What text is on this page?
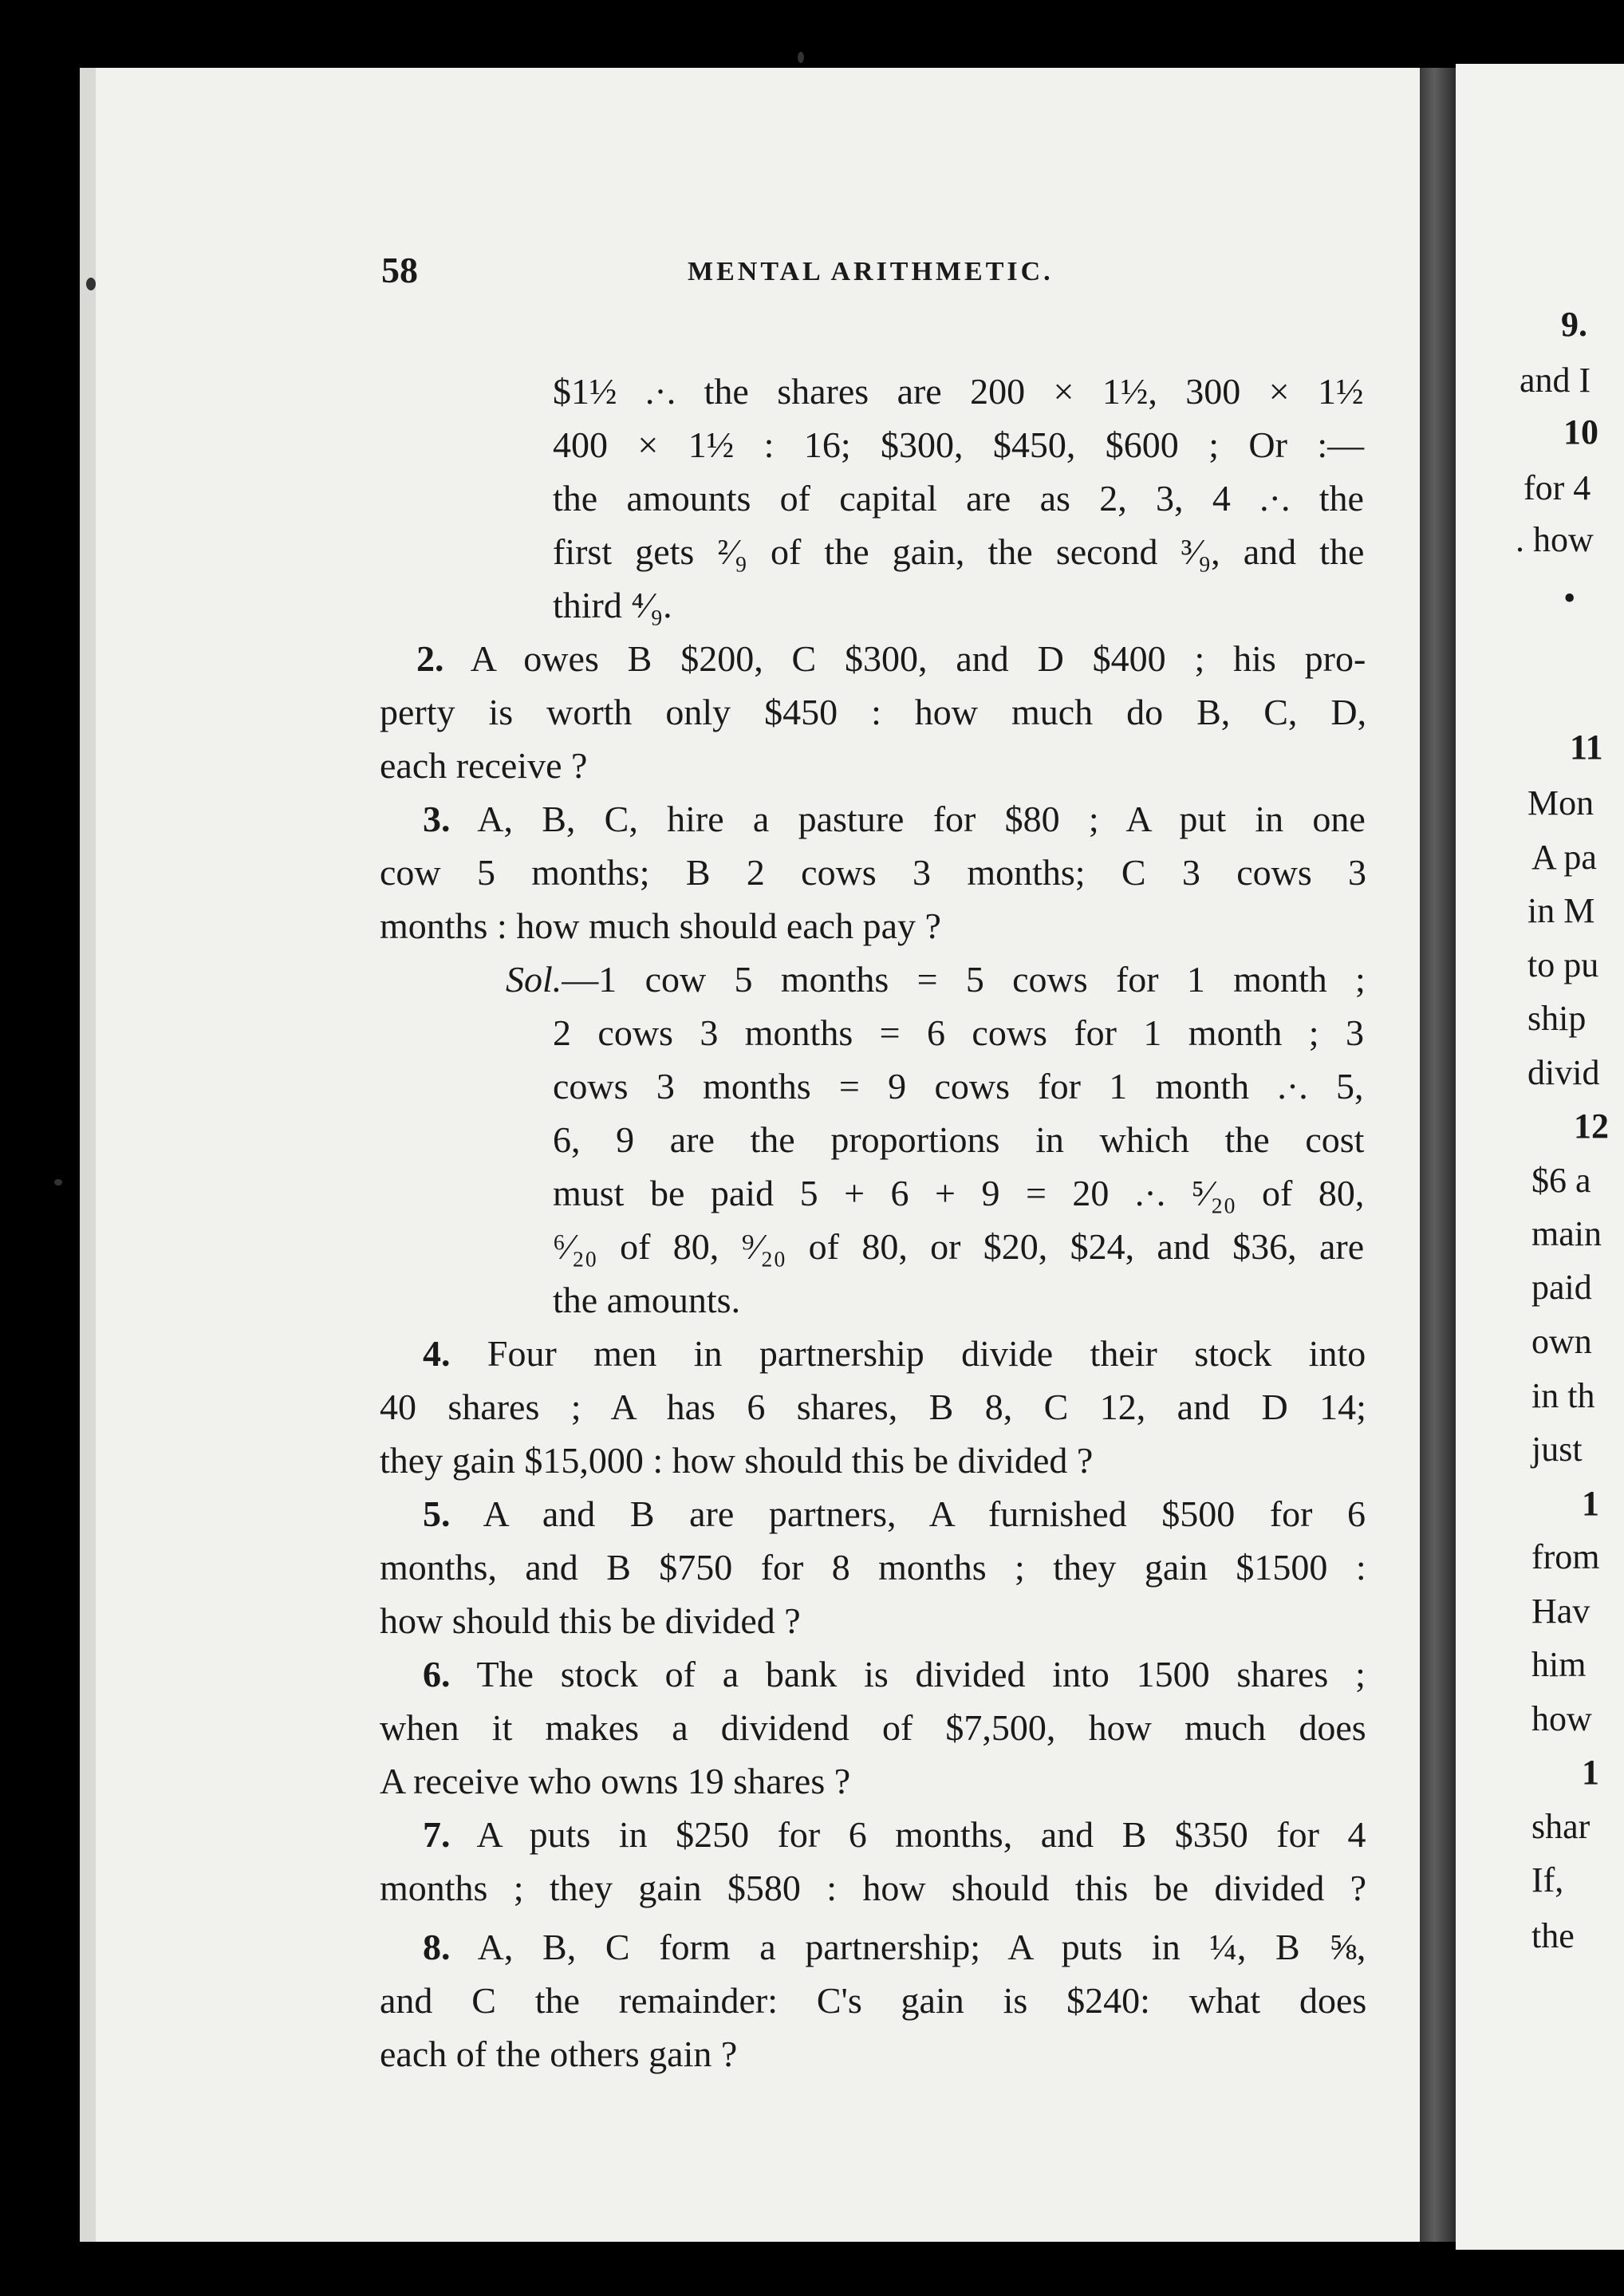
58	MENTAL ARITHMETIC.
$1½ .·. the shares are 200 × 1½, 300 × 1½
400 × 1½ : 16; $300, $450, $600 ; Or :—
the amounts of capital are as 2, 3, 4 .·. the
first gets ²⁄₉ of the gain, the second ³⁄₉, and the
third ⁴⁄₉.
2. A owes B $200, C $300, and D $400 ; his pro-
perty is worth only $450 : how much do B, C, D,
each receive ?
3. A, B, C, hire a pasture for $80 ; A put in one
cow 5 months; B 2 cows 3 months; C 3 cows 3
months : how much should each pay ?
Sol.—1 cow 5 months = 5 cows for 1 month ;
2 cows 3 months = 6 cows for 1 month ; 3
cows 3 months = 9 cows for 1 month .·. 5,
6, 9 are the proportions in which the cost
must be paid 5 + 6 + 9 = 20 .·. ⁵⁄₂₀ of 80,
⁶⁄₂₀ of 80, ⁹⁄₂₀ of 80, or $20, $24, and $36, are
the amounts.
4. Four men in partnership divide their stock into
40 shares ; A has 6 shares, B 8, C 12, and D 14;
they gain $15,000 : how should this be divided ?
5. A and B are partners, A furnished $500 for 6
months, and B $750 for 8 months ; they gain $1500 :
how should this be divided ?
6. The stock of a bank is divided into 1500 shares ;
when it makes a dividend of $7,500, how much does
A receive who owns 19 shares ?
7. A puts in $250 for 6 months, and B $350 for 4
months ; they gain $580 : how should this be divided ?
8. A, B, C form a partnership; A puts in ¼, B ⅝,
and C the remainder: C's gain is $240: what does
each of the others gain ?
9.
and I
10
for 4
. how
•
11
Mon
A pa
in M
to pu
ship
divid
12
$6 a
main
paid
own
in th
just
1
from
Hav
him
how
1
shar
If,
the
